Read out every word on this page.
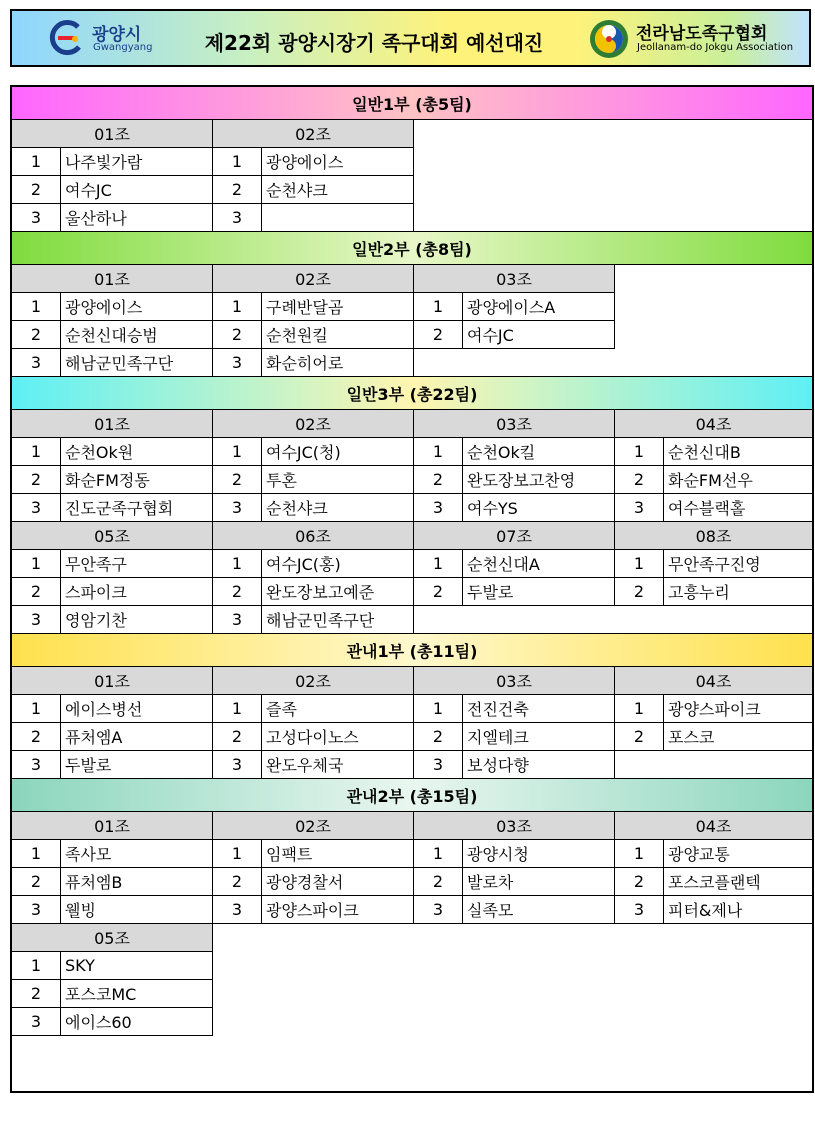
광양시
Gwangyang	제22회 광양시장기 족구대회 예선대진	전라남도족구협회
Jeollanam-do Jokgu Association
일반1부 (총5팀)							
01조		02조					
1	나주빛가람	1	광양에이스				
2	여수JC	2	순천샤크				
3	울산하나	3					
일반2부 (총8팀)							
01조		02조		03조			
1	광양에이스	1	구례반달곰	1	광양에이스A		
2	순천신대승범	2	순천원킬	2	여수JC		
3	해남군민족구단	3	화순히어로				
일반3부 (총22팀)							
01조		02조		03조		04조	
1	순천Ok원	1	여수JC(청)	1	순천Ok킬	1	순천신대B
2	화순FM정동	2	투혼	2	완도장보고찬영	2	화순FM선우
3	진도군족구협회	3	순천샤크	3	여수YS	3	여수블랙홀
05조		06조		07조		08조	
1	무안족구	1	여수JC(홍)	1	순천신대A	1	무안족구진영
2	스파이크	2	완도장보고예준	2	두발로	2	고흥누리
3	영암기찬	3	해남군민족구단				
관내1부 (총11팀)							
01조		02조		03조		04조	
1	에이스병선	1	즐족	1	전진건축	1	광양스파이크
2	퓨처엠A	2	고성다이노스	2	지엘테크	2	포스코
3	두발로	3	완도우체국	3	보성다향		
관내2부 (총15팀)							
01조		02조		03조		04조	
1	족사모	1	임팩트	1	광양시청	1	광양교통
2	퓨처엠B	2	광양경찰서	2	발로차	2	포스코플랜텍
3	웰빙	3	광양스파이크	3	실족모	3	피터&제나
05조							
1	SKY						
2	포스코MC						
3	에이스60						
